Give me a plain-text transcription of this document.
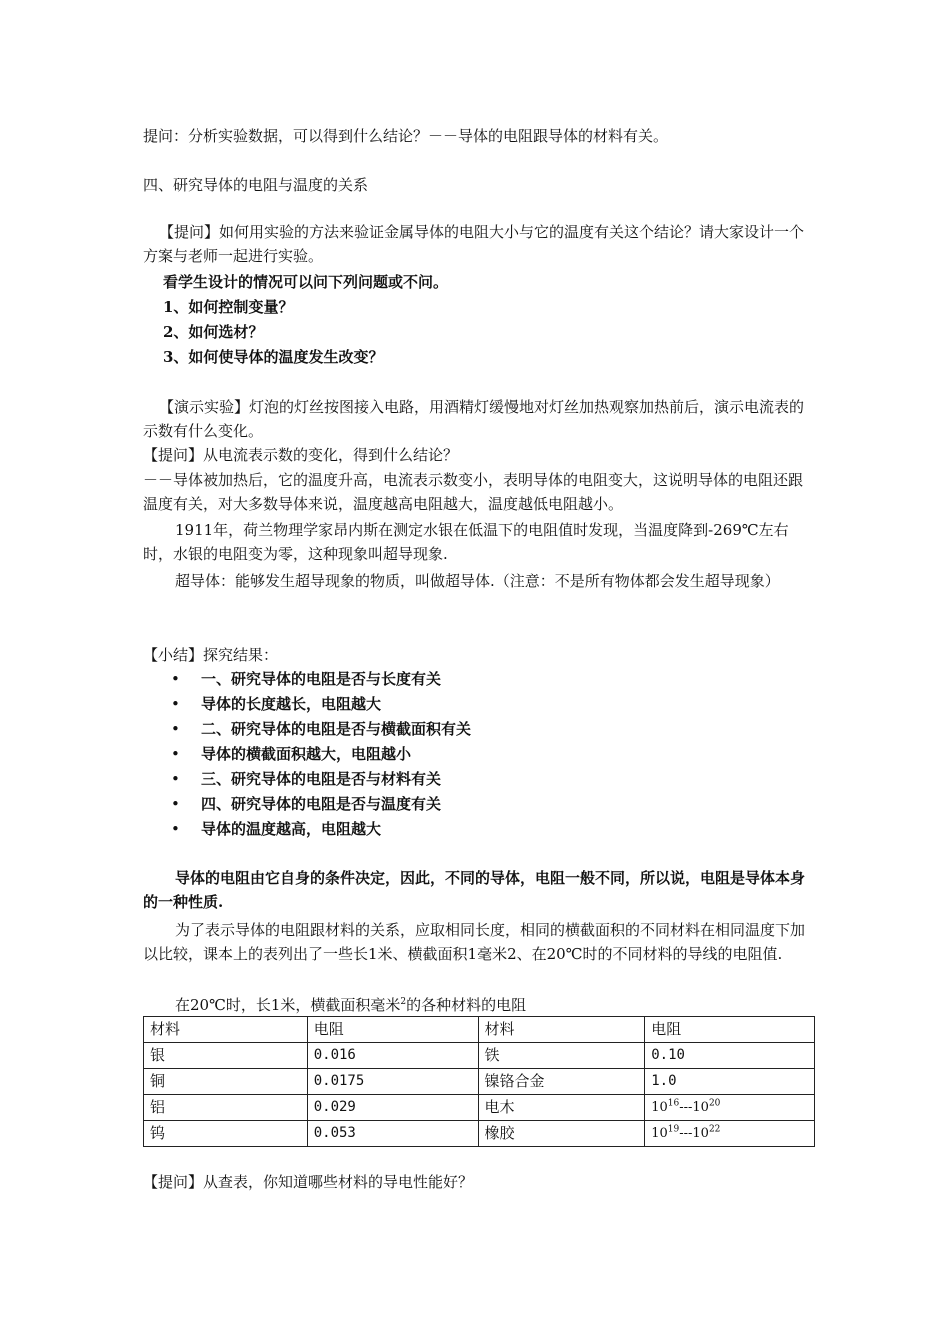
提问：分析实验数据，可以得到什么结论？－－导体的电阻跟导体的材料有关。

四、研究导体的电阻与温度的关系

【提问】如何用实验的方法来验证金属导体的电阻大小与它的温度有关这个结论？请大家设计一个方案与老师一起进行实验。

看学生设计的情况可以问下列问题或不问。

1、如何控制变量？

2、如何选材？

3、如何使导体的温度发生改变？

【演示实验】灯泡的灯丝按图接入电路，用酒精灯缓慢地对灯丝加热观察加热前后，演示电流表的示数有什么变化。

【提问】从电流表示数的变化，得到什么结论？

－－导体被加热后，它的温度升高，电流表示数变小，表明导体的电阻变大，这说明导体的电阻还跟温度有关，对大多数导体来说，温度越高电阻越大，温度越低电阻越小。

1911年，荷兰物理学家昂内斯在测定水银在低温下的电阻值时发现，当温度降到-269℃左右时，水银的电阻变为零，这种现象叫超导现象.

超导体：能够发生超导现象的物质，叫做超导体.（注意：不是所有物体都会发生超导现象）

【小结】探究结果：

• 一、研究导体的电阻是否与长度有关
• 导体的长度越长，电阻越大
• 二、研究导体的电阻是否与横截面积有关
• 导体的横截面积越大，电阻越小
• 三、研究导体的电阻是否与材料有关
• 四、研究导体的电阻是否与温度有关
• 导体的温度越高，电阻越大

导体的电阻由它自身的条件决定，因此，不同的导体，电阻一般不同，所以说，电阻是导体本身的一种性质.

为了表示导体的电阻跟材料的关系，应取相同长度，相同的横截面积的不同材料在相同温度下加以比较，课本上的表列出了一些长1米、横截面积1毫米2、在20℃时的不同材料的导线的电阻值.

在20℃时，长1米，横截面积毫米$^2$的各种材料的电阻

材料	电阻	材料	电阻
银	0.016	铁	0.10
铜	0.0175	镍铬合金	1.0
铝	0.029	电木	$10^{16}---10^{20}$
钨	0.053	橡胶	$10^{19}---10^{22}$

【提问】从查表，你知道哪些材料的导电性能好？
